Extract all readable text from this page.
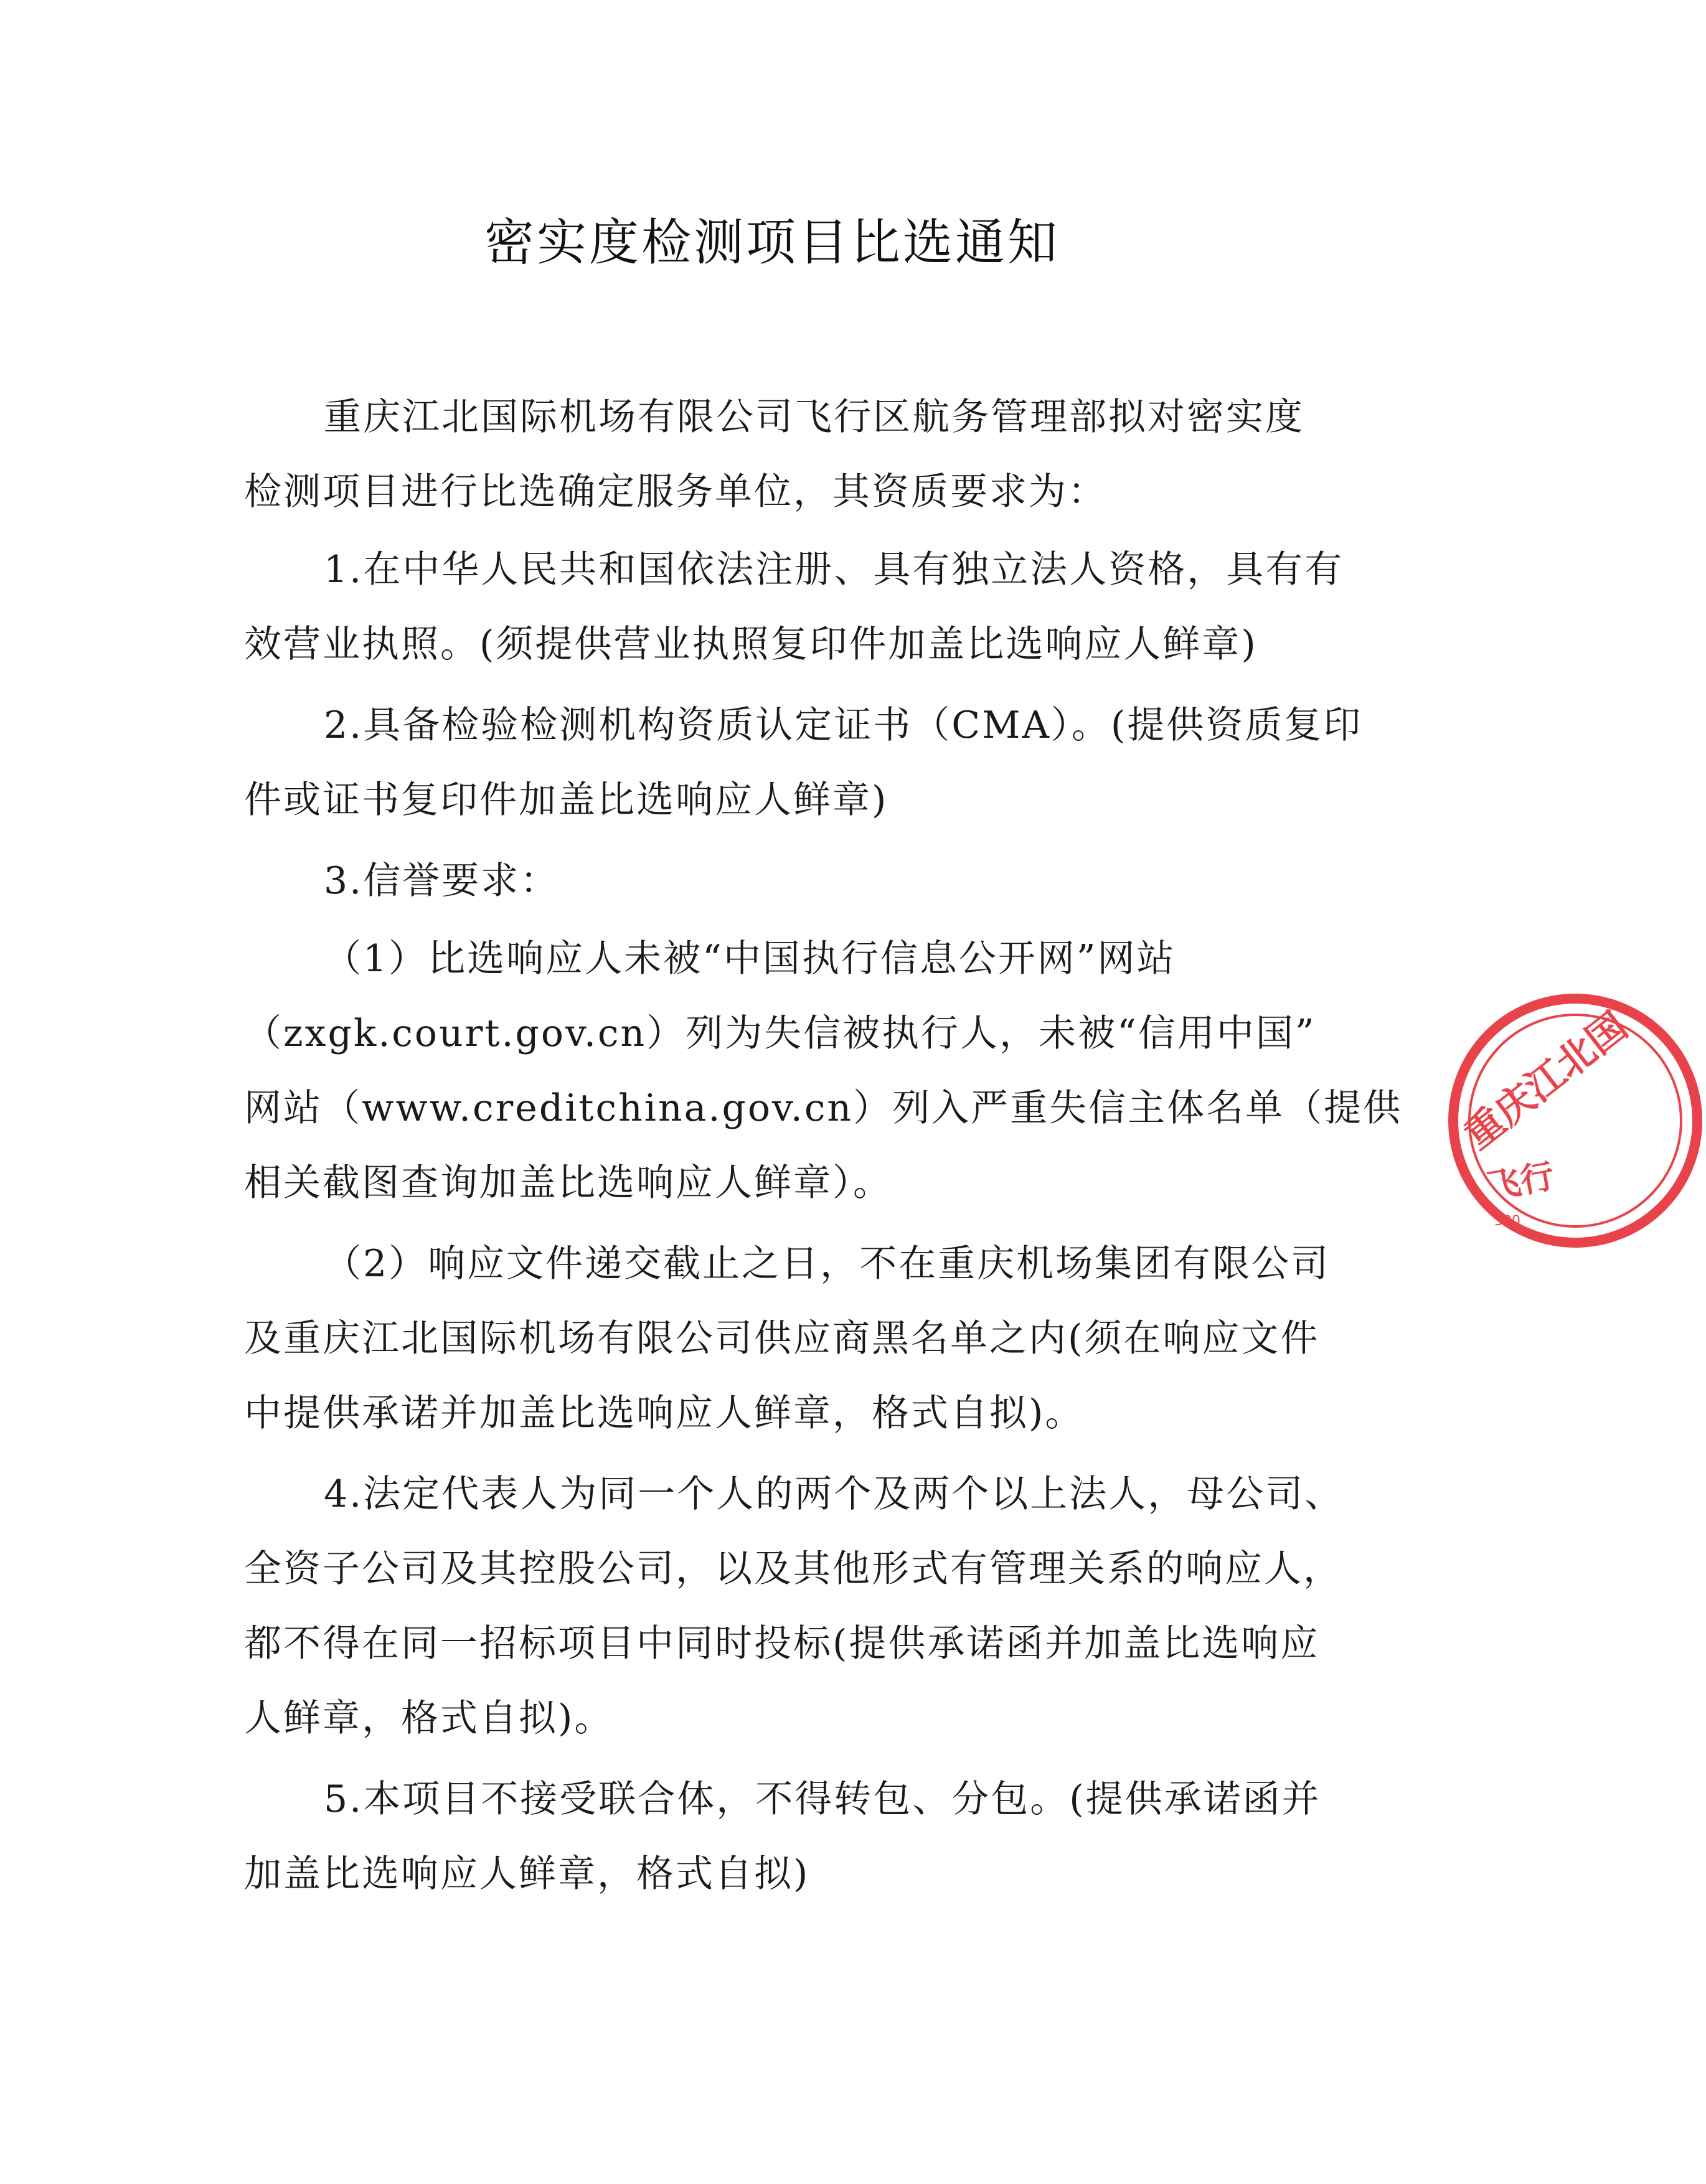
密实度检测项目比选通知
重庆江北国际机场有限公司飞行区航务管理部拟对密实度
检测项目进行比选确定服务单位，其资质要求为：
1.在中华人民共和国依法注册、具有独立法人资格，具有有
效营业执照。(须提供营业执照复印件加盖比选响应人鲜章)
2.具备检验检测机构资质认定证书（CMA）。(提供资质复印
件或证书复印件加盖比选响应人鲜章)
3.信誉要求：
（1）比选响应人未被“中国执行信息公开网”网站
（zxgk.court.gov.cn）列为失信被执行人，未被“信用中国”
网站（www.creditchina.gov.cn）列入严重失信主体名单（提供
相关截图查询加盖比选响应人鲜章）。
（2）响应文件递交截止之日，不在重庆机场集团有限公司
及重庆江北国际机场有限公司供应商黑名单之内(须在响应文件
中提供承诺并加盖比选响应人鲜章，格式自拟)。
4.法定代表人为同一个人的两个及两个以上法人，母公司、
全资子公司及其控股公司，以及其他形式有管理关系的响应人，
都不得在同一招标项目中同时投标(提供承诺函并加盖比选响应
人鲜章，格式自拟)。
5.本项目不接受联合体，不得转包、分包。(提供承诺函并
加盖比选响应人鲜章，格式自拟)
重庆江北国
飞行
500
